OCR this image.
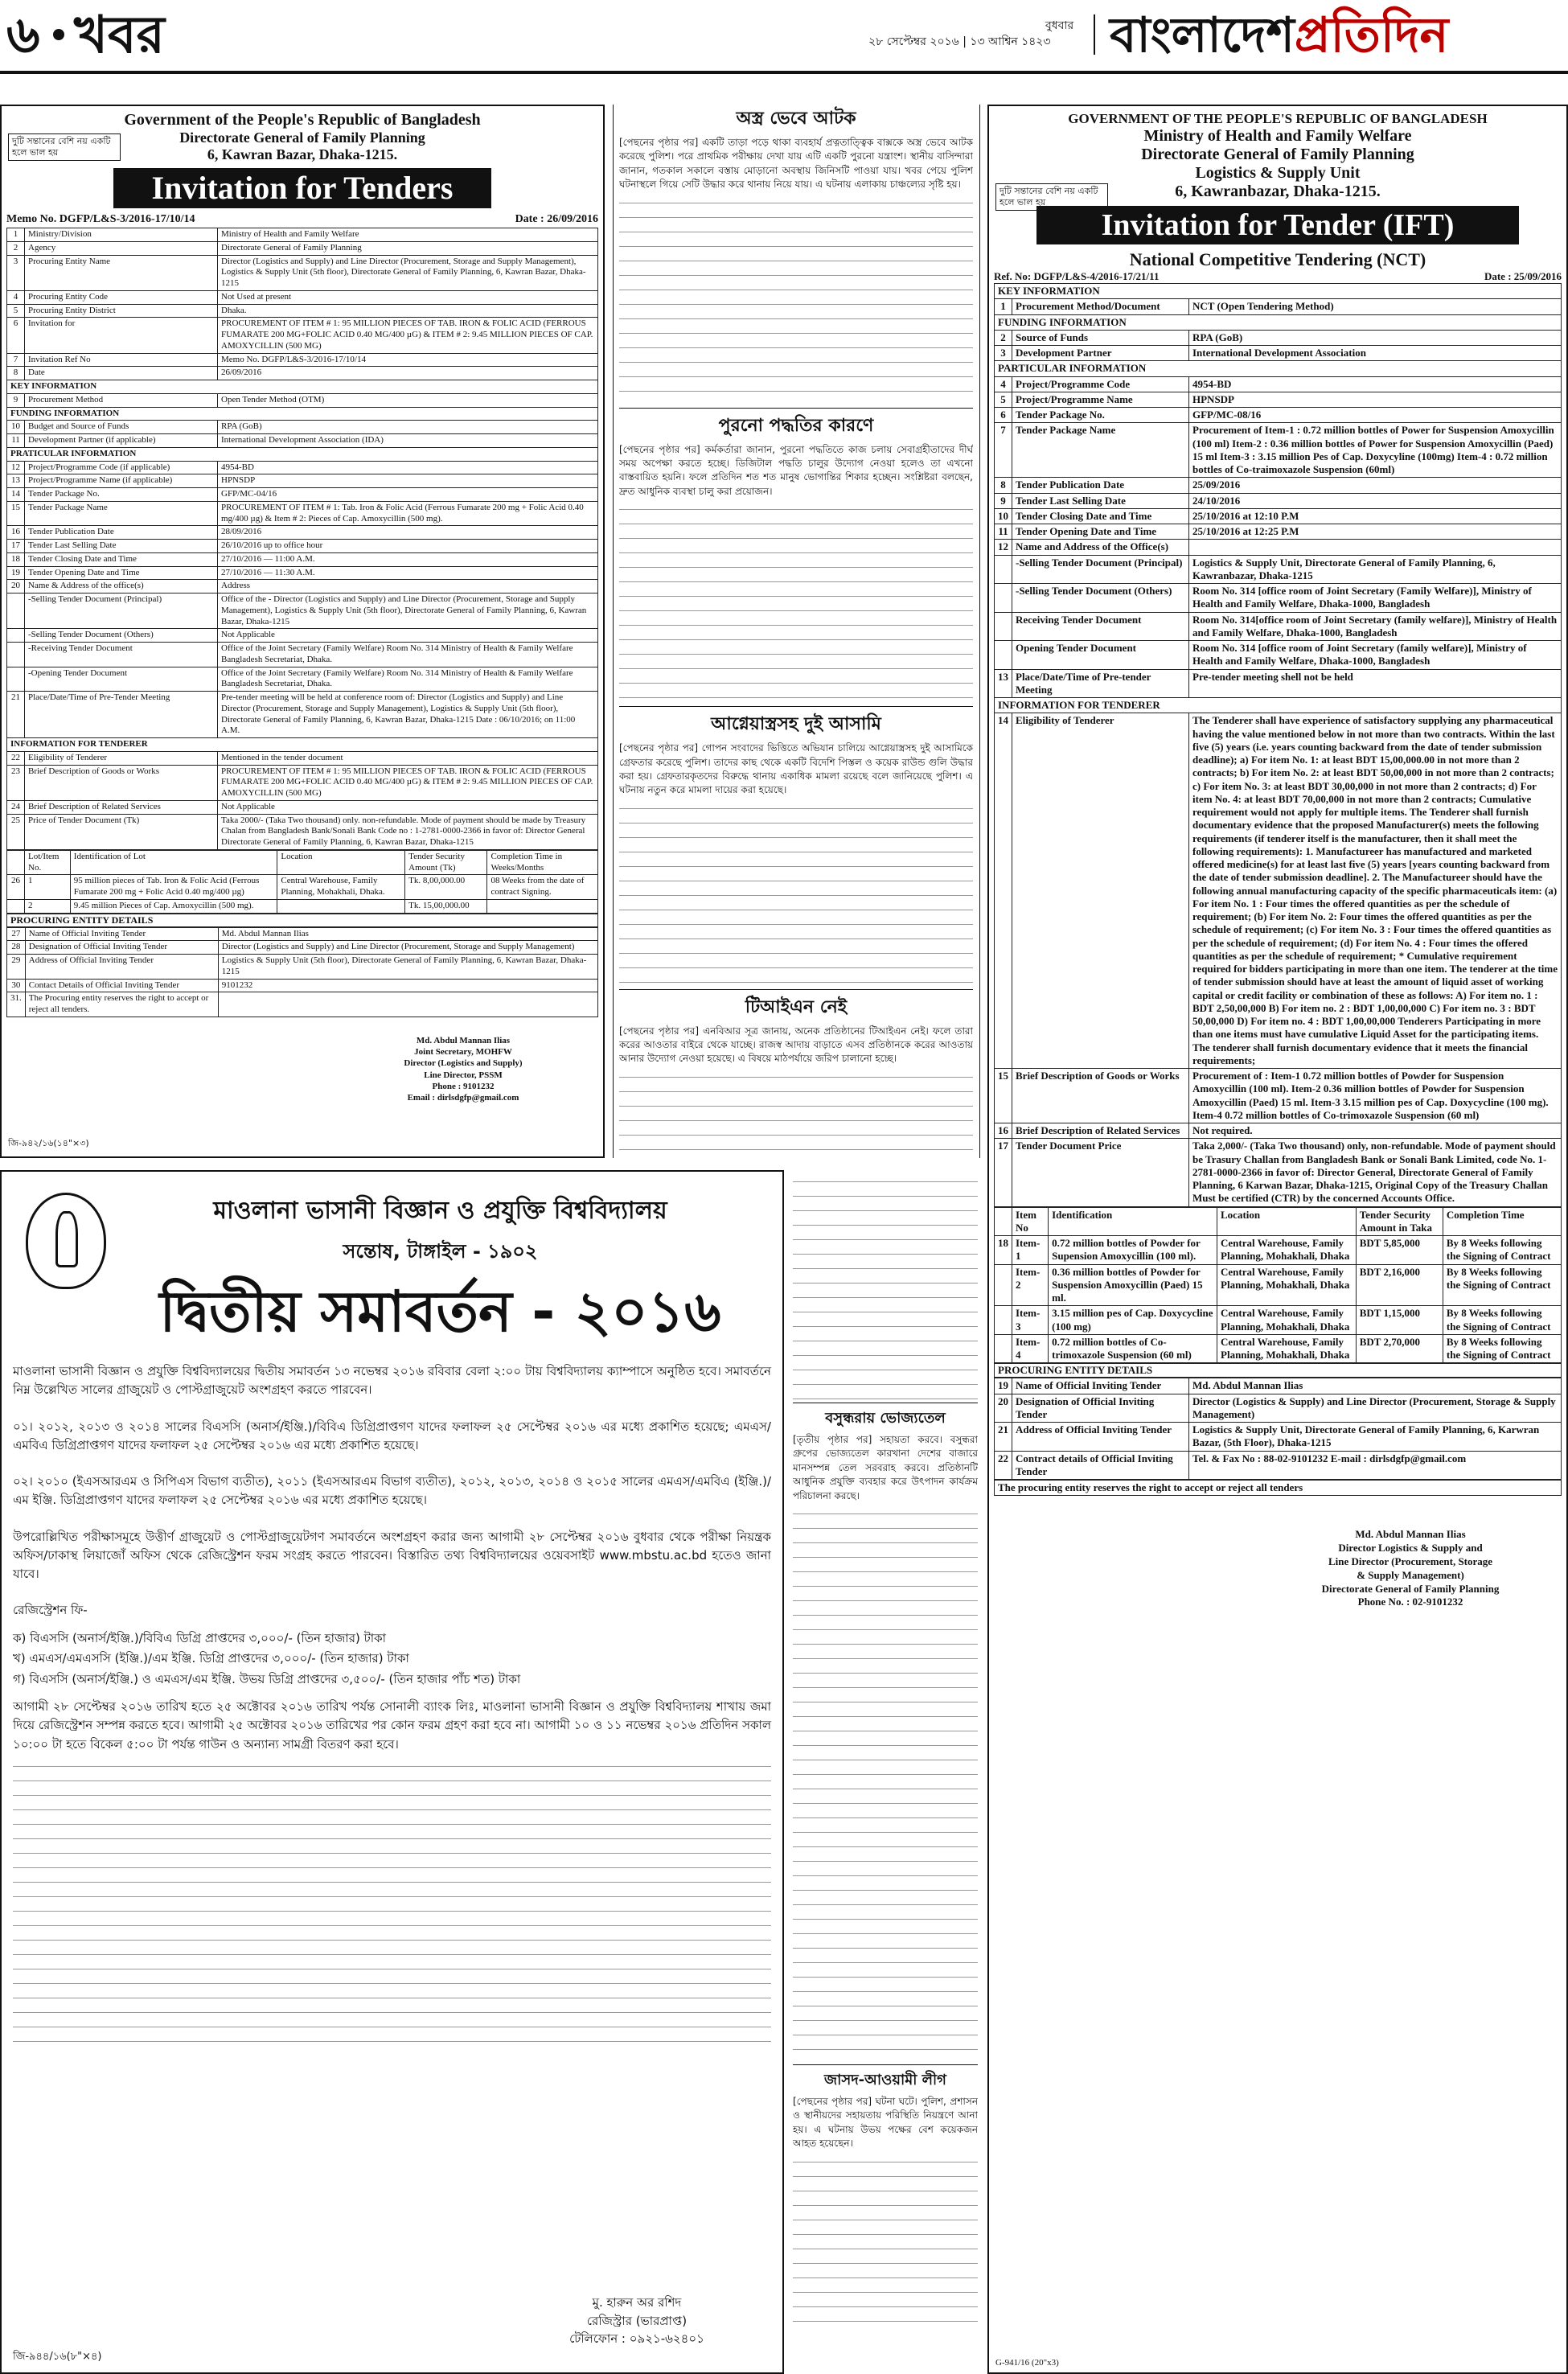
৬ খবর	বুধবার
২৮ সেপ্টেম্বর ২০১৬ | ১৩ আশ্বিন ১৪২৩ বাংলাদেশপ্রতিদিন
Government of the People's Republic of Bangladesh
দুটি সন্তানের বেশি নয় একটি হলে ভাল হয়
Directorate General of Family Planning
6, Kawran Bazar, Dhaka-1215.
Invitation for Tenders
Memo No. DGFP/L&S-3/2016-17/10/14	Date : 26/09/2016
1	Ministry/Division	Ministry of Health and Family Welfare
2	Agency	Directorate General of Family Planning
3	Procuring Entity Name	Director (Logistics and Supply) and Line Director (Procurement, Storage and Supply Management), Logistics & Supply Unit (5th floor), Directorate General of Family Planning, 6, Kawran Bazar, Dhaka-1215
4	Procuring Entity Code	Not Used at present
5	Procuring Entity District	Dhaka.
6	Invitation for	PROCUREMENT OF ITEM # 1: 95 MILLION PIECES OF TAB. IRON & FOLIC ACID (FERROUS FUMARATE 200 MG+FOLIC ACID 0.40 MG/400 µG) & ITEM # 2: 9.45 MILLION PIECES OF CAP. AMOXYCILLIN (500 MG)
7	Invitation Ref No	Memo No. DGFP/L&S-3/2016-17/10/14
8	Date	26/09/2016
KEY INFORMATION		
9	Procurement Method	Open Tender Method (OTM)
FUNDING INFORMATION		
10	Budget and Source of Funds	RPA (GoB)
11	Development Partner (if applicable)	International Development Association (IDA)
PRATICULAR INFORMATION		
12	Project/Programme Code (if applicable)	4954-BD
13	Project/Programme Name (if applicable)	HPNSDP
14	Tender Package No.	GFP/MC-04/16
15	Tender Package Name	PROCUREMENT OF ITEM # 1: Tab. Iron & Folic Acid (Ferrous Fumarate 200 mg + Folic Acid 0.40 mg/400 µg) & Item # 2: Pieces of Cap. Amoxycillin (500 mg).
16	Tender Publication Date	28/09/2016
17	Tender Last Selling Date	26/10/2016 up to office hour
18	Tender Closing Date and Time	27/10/2016 — 11:00 A.M.
19	Tender Opening Date and Time	27/10/2016 — 11:30 A.M.
20	Name & Address of the office(s)	Address
	-Selling Tender Document (Principal)	Office of the - Director (Logistics and Supply) and Line Director (Procurement, Storage and Supply Management), Logistics & Supply Unit (5th floor), Directorate General of Family Planning, 6, Kawran Bazar, Dhaka-1215
	-Selling Tender Document (Others)	Not Applicable
	-Receiving Tender Document	Office of the Joint Secretary (Family Welfare) Room No. 314 Ministry of Health & Family Welfare Bangladesh Secretariat, Dhaka.
	-Opening Tender Document	Office of the Joint Secretary (Family Welfare) Room No. 314 Ministry of Health & Family Welfare Bangladesh Secretariat, Dhaka.
21	Place/Date/Time of Pre-Tender Meeting	Pre-tender meeting will be held at conference room of: Director (Logistics and Supply) and Line Director (Procurement, Storage and Supply Management), Logistics & Supply Unit (5th floor), Directorate General of Family Planning, 6, Kawran Bazar, Dhaka-1215 Date : 06/10/2016; on 11:00 A.M.
INFORMATION FOR TENDERER		
22	Eligibility of Tenderer	Mentioned in the tender document
23	Brief Description of Goods or Works	PROCUREMENT OF ITEM # 1: 95 MILLION PIECES OF TAB. IRON & FOLIC ACID (FERROUS FUMARATE 200 MG+FOLIC ACID 0.40 MG/400 µG) & ITEM # 2: 9.45 MILLION PIECES OF CAP. AMOXYCILLIN (500 MG)
24	Brief Description of Related Services	Not Applicable
25	Price of Tender Document (Tk)	Taka 2000/- (Taka Two thousand) only. non-refundable. Mode of payment should be made by Treasury Chalan from Bangladesh Bank/Sonali Bank Code no : 1-2781-0000-2366 in favor of: Director General Directorate General of Family Planning, 6, Kawran Bazar, Dhaka-1215
	Lot/Item No.	Identification of Lot	Location	Tender Security Amount (Tk)	Completion Time in Weeks/Months
26	1	95 million pieces of Tab. Iron & Folic Acid (Ferrous Fumarate 200 mg + Folic Acid 0.40 mg/400 µg)	Central Warehouse, Family Planning, Mohakhali, Dhaka.	Tk. 8,00,000.00	08 Weeks from the date of contract Signing.
	2	9.45 million Pieces of Cap. Amoxycillin (500 mg).		Tk. 15,00,000.00	
PROCURING ENTITY DETAILS
27	Name of Official Inviting Tender	Md. Abdul Mannan Ilias
28	Designation of Official Inviting Tender	Director (Logistics and Supply) and Line Director (Procurement, Storage and Supply Management)
29	Address of Official Inviting Tender	Logistics & Supply Unit (5th floor), Directorate General of Family Planning, 6, Kawran Bazar, Dhaka-1215
30	Contact Details of Official Inviting Tender	9101232
31.	The Procuring entity reserves the right to accept or reject all tenders.	
Md. Abdul Mannan Ilias
Joint Secretary, MOHFW
Director (Logistics and Supply)
Line Director, PSSM
Phone : 9101232
Email : dirlsdgfp@gmail.com
জি-৯৪২/১৬(১৪"×৩)
অস্ত্র ভেবে আটক

[পেছনের পৃষ্ঠার পর] একটি তাড়া পড়ে থাকা ব্যবহার্য প্রত্নতাত্ত্বিক বাক্সকে অস্ত্র ভেবে আটক করেছে পুলিশ। পরে প্রাথমিক পরীক্ষায় দেখা যায় এটি একটি পুরনো যন্ত্রাংশ। স্থানীয় বাসিন্দারা জানান, গতকাল সকালে বস্তায় মোড়ানো অবস্থায় জিনিসটি পাওয়া যায়। খবর পেয়ে পুলিশ ঘটনাস্থলে গিয়ে সেটি উদ্ধার করে থানায় নিয়ে যায়। এ ঘটনায় এলাকায় চাঞ্চল্যের সৃষ্টি হয়।

পুরনো পদ্ধতির কারণে

[পেছনের পৃষ্ঠার পর] কর্মকর্তারা জানান, পুরনো পদ্ধতিতে কাজ চলায় সেবাগ্রহীতাদের দীর্ঘ সময় অপেক্ষা করতে হচ্ছে। ডিজিটাল পদ্ধতি চালুর উদ্যোগ নেওয়া হলেও তা এখনো বাস্তবায়িত হয়নি। ফলে প্রতিদিন শত শত মানুষ ভোগান্তির শিকার হচ্ছেন। সংশ্লিষ্টরা বলছেন, দ্রুত আধুনিক ব্যবস্থা চালু করা প্রয়োজন।

আগ্নেয়াস্ত্রসহ দুই আসামি

[পেছনের পৃষ্ঠার পর] গোপন সংবাদের ভিত্তিতে অভিযান চালিয়ে আগ্নেয়াস্ত্রসহ দুই আসামিকে গ্রেফতার করেছে পুলিশ। তাদের কাছ থেকে একটি বিদেশি পিস্তল ও কয়েক রাউন্ড গুলি উদ্ধার করা হয়। গ্রেফতারকৃতদের বিরুদ্ধে থানায় একাধিক মামলা রয়েছে বলে জানিয়েছে পুলিশ। এ ঘটনায় নতুন করে মামলা দায়ের করা হয়েছে।

টিআইএন নেই

[পেছনের পৃষ্ঠার পর] এনবিআর সূত্র জানায়, অনেক প্রতিষ্ঠানের টিআইএন নেই। ফলে তারা করের আওতার বাইরে থেকে যাচ্ছে। রাজস্ব আদায় বাড়াতে এসব প্রতিষ্ঠানকে করের আওতায় আনার উদ্যোগ নেওয়া হয়েছে। এ বিষয়ে মাঠপর্যায়ে জরিপ চালানো হচ্ছে।

GOVERNMENT OF THE PEOPLE'S REPUBLIC OF BANGLADESH
Ministry of Health and Family Welfare
Directorate General of Family Planning
Logistics & Supply Unit
দুটি সন্তানের বেশি নয় একটি হলে ভাল হয়
6, Kawranbazar, Dhaka-1215.
Invitation for Tender (IFT)
National Competitive Tendering (NCT)
Ref. No: DGFP/L&S-4/2016-17/21/11	Date : 25/09/2016
KEY INFORMATION		
1	Procurement Method/Document	NCT (Open Tendering Method)
FUNDING INFORMATION		
2	Source of Funds	RPA (GoB)
3	Development Partner	International Development Association
PARTICULAR INFORMATION		
4	Project/Programme Code	4954-BD
5	Project/Programme Name	HPNSDP
6	Tender Package No.	GFP/MC-08/16
7	Tender Package Name	Procurement of Item-1 : 0.72 million bottles of Power for Suspension Amoxycillin (100 ml) Item-2 : 0.36 million bottles of Power for Suspension Amoxycillin (Paed) 15 ml Item-3 : 3.15 million Pes of Cap. Doxycyline (100mg) Item-4 : 0.72 million bottles of Co-traimoxazole Suspension (60ml)
8	Tender Publication Date	25/09/2016
9	Tender Last Selling Date	24/10/2016
10	Tender Closing Date and Time	25/10/2016 at 12:10 P.M
11	Tender Opening Date and Time	25/10/2016 at 12:25 P.M
12	Name and Address of the Office(s)	
	-Selling Tender Document (Principal)	Logistics & Supply Unit, Directorate General of Family Planning, 6, Kawranbazar, Dhaka-1215
	-Selling Tender Document (Others)	Room No. 314 [office room of Joint Secretary (Family Welfare)], Ministry of Health and Family Welfare, Dhaka-1000, Bangladesh
	Receiving Tender Document	Room No. 314[office room of Joint Secretary (family welfare)], Ministry of Health and Family Welfare, Dhaka-1000, Bangladesh
	Opening Tender Document	Room No. 314 [office room of Joint Secretary (family welfare)], Ministry of Health and Family Welfare, Dhaka-1000, Bangladesh
13	Place/Date/Time of Pre-tender Meeting	Pre-tender meeting shell not be held
INFORMATION FOR TENDERER		
14	Eligibility of Tenderer	The Tenderer shall have experience of satisfactory supplying any pharmaceutical having the value mentioned below in not more than two contracts. Within the last five (5) years (i.e. years counting backward from the date of tender submission deadline); a) For item No. 1: at least BDT 15,00,000.00 in not more than 2 contracts; b) For item No. 2: at least BDT 50,00,000 in not more than 2 contracts; c) For item No. 3: at least BDT 30,00,000 in not more than 2 contracts; d) For item No. 4: at least BDT 70,00,000 in not more than 2 contracts; Cumulative requirement would not apply for multiple items. The Tenderer shall furnish documentary evidence that the proposed Manufacturer(s) meets the following requirements (if tenderer itself is the manufacturer, then it shall meet the following requirements): 1. Manufactureer has manufactured and marketed offered medicine(s) for at least last five (5) years [years counting backward from the date of tender submission deadline]. 2. The Manufactureer should have the following annual manufacturing capacity of the specific pharmaceuticals item: (a) For item No. 1 : Four times the offered quantities as per the schedule of requirement; (b) For item No. 2: Four times the offered quantities as per the schedule of requirement; (c) For item No. 3 : Four times the offered quantities as per the schedule of requirement; (d) For item No. 4 : Four times the offered quantities as per the schedule of requirement; * Cumulative requirement required for bidders participating in more than one item. The tenderer at the time of tender submission should have at least the amount of liquid asset of working capital or credit facility or combination of these as follows: A) For item no. 1 : BDT 2,50,00,000 B) For item no. 2 : BDT 1,00,00,000 C) For item no. 3 : BDT 50,00,000 D) For item no. 4 : BDT 1,00,00,000 Tenderers Participating in more than one items must have cumulative Liquid Asset for the participating items. The tenderer shall furnish documentary evidence that it meets the financial requirements;
15	Brief Description of Goods or Works	Procurement of : Item-1 0.72 million bottles of Powder for Suspension Amoxycillin (100 ml). Item-2 0.36 million bottles of Powder for Suspension Amoxycillin (Paed) 15 ml. Item-3 3.15 million pes of Cap. Doxycycline (100 mg). Item-4 0.72 million bottles of Co-trimoxazole Suspension (60 ml)
16	Brief Description of Related Services	Not required.
17	Tender Document Price	Taka 2,000/- (Taka Two thousand) only, non-refundable. Mode of payment should be Trasury Challan from Bangladesh Bank or Sonali Bank Limited, code No. 1-2781-0000-2366 in favor of: Director General, Directorate General of Family Planning, 6 Karwan Bazar, Dhaka-1215, Original Copy of the Treasury Challan Must be certified (CTR) by the concerned Accounts Office.
	Item No	Identification	Location	Tender Security Amount in Taka	Completion Time
18	Item-1	0.72 million bottles of Powder for Supension Amoxycillin (100 ml).	Central Warehouse, Family Planning, Mohakhali, Dhaka	BDT 5,85,000	By 8 Weeks following the Signing of Contract
	Item-2	0.36 million bottles of Powder for Suspension Amoxycillin (Paed) 15 ml.	Central Warehouse, Family Planning, Mohakhali, Dhaka	BDT 2,16,000	By 8 Weeks following the Signing of Contract
	Item-3	3.15 million pes of Cap. Doxycycline (100 mg)	Central Warehouse, Family Planning, Mohakhali, Dhaka	BDT 1,15,000	By 8 Weeks following the Signing of Contract
	Item-4	0.72 million bottles of Co-trimoxazole Suspension (60 ml)	Central Warehouse, Family Planning, Mohakhali, Dhaka	BDT 2,70,000	By 8 Weeks following the Signing of Contract
PROCURING ENTITY DETAILS
19	Name of Official Inviting Tender	Md. Abdul Mannan Ilias
20	Designation of Official Inviting Tender	Director (Logistics & Supply) and Line Director (Procurement, Storage & Supply Management)
21	Address of Official Inviting Tender	Logistics & Supply Unit, Directorate General of Family Planning, 6, Karwran Bazar, (5th Floor), Dhaka-1215
22	Contract details of Official Inviting Tender	Tel. & Fax No : 88-02-9101232 E-mail : dirlsdgfp@gmail.com
The procuring entity reserves the right to accept or reject all tenders
Md. Abdul Mannan Ilias
Director Logistics & Supply and
Line Director (Procurement, Storage
& Supply Management)
Directorate General of Family Planning
Phone No. : 02-9101232
G-941/16 (20"x3)
মাওলানা ভাসানী বিজ্ঞান ও প্রযুক্তি বিশ্ববিদ্যালয়
সন্তোষ, টাঙ্গাইল - ১৯০২
দ্বিতীয় সমাবর্তন - ২০১৬

মাওলানা ভাসানী বিজ্ঞান ও প্রযুক্তি বিশ্ববিদ্যালয়ের দ্বিতীয় সমাবর্তন ১৩ নভেম্বর ২০১৬ রবিবার বেলা ২:০০ টায় বিশ্ববিদ্যালয় ক্যাম্পাসে অনুষ্ঠিত হবে। সমাবর্তনে নিম্ন উল্লেখিত সালের গ্রাজুয়েট ও পোস্টগ্রাজুয়েট অংশগ্রহণ করতে পারবেন।

০১। ২০১২, ২০১৩ ও ২০১৪ সালের বিএসসি (অনার্স/ইঞ্জি.)/বিবিএ ডিগ্রিপ্রাপ্তগণ যাদের ফলাফল ২৫ সেপ্টেম্বর ২০১৬ এর মধ্যে প্রকাশিত হয়েছে; এমএস/এমবিএ ডিগ্রিপ্রাপ্তগণ যাদের ফলাফল ২৫ সেপ্টেম্বর ২০১৬ এর মধ্যে প্রকাশিত হয়েছে।

০২। ২০১০ (ইএসআরএম ও সিপিএস বিভাগ ব্যতীত), ২০১১ (ইএসআরএম বিভাগ ব্যতীত), ২০১২, ২০১৩, ২০১৪ ও ২০১৫ সালের এমএস/এমবিএ (ইঞ্জি.)/এম ইঞ্জি. ডিগ্রিপ্রাপ্তগণ যাদের ফলাফল ২৫ সেপ্টেম্বর ২০১৬ এর মধ্যে প্রকাশিত হয়েছে।

উপরোল্লিখিত পরীক্ষাসমূহে উত্তীর্ণ গ্রাজুয়েট ও পোস্টগ্রাজুয়েটগণ সমাবর্তনে অংশগ্রহণ করার জন্য আগামী ২৮ সেপ্টেম্বর ২০১৬ বুধবার থেকে পরীক্ষা নিয়ন্ত্রক অফিস/ঢাকাস্থ লিয়াজোঁ অফিস থেকে রেজিস্ট্রেশন ফরম সংগ্রহ করতে পারবেন। বিস্তারিত তথ্য বিশ্ববিদ্যালয়ের ওয়েবসাইট www.mbstu.ac.bd হতেও জানা যাবে।

রেজিস্ট্রেশন ফি-

ক) বিএসসি (অনার্স/ইঞ্জি.)/বিবিএ ডিগ্রি প্রাপ্তদের ৩,০০০/- (তিন হাজার) টাকা
খ) এমএস/এমএসসি (ইঞ্জি.)/এম ইঞ্জি. ডিগ্রি প্রাপ্তদের ৩,০০০/- (তিন হাজার) টাকা
গ) বিএসসি (অনার্স/ইঞ্জি.) ও এমএস/এম ইঞ্জি. উভয় ডিগ্রি প্রাপ্তদের ৩,৫০০/- (তিন হাজার পাঁচ শত) টাকা

আগামী ২৮ সেপ্টেম্বর ২০১৬ তারিখ হতে ২৫ অক্টোবর ২০১৬ তারিখ পর্যন্ত সোনালী ব্যাংক লিঃ, মাওলানা ভাসানী বিজ্ঞান ও প্রযুক্তি বিশ্ববিদ্যালয় শাখায় জমা দিয়ে রেজিস্ট্রেশন সম্পন্ন করতে হবে। আগামী ২৫ অক্টোবর ২০১৬ তারিখের পর কোন ফরম গ্রহণ করা হবে না। আগামী ১০ ও ১১ নভেম্বর ২০১৬ প্রতিদিন সকাল ১০:০০ টা হতে বিকেল ৫:০০ টা পর্যন্ত গাউন ও অন্যান্য সামগ্রী বিতরণ করা হবে।

মু. হারুন অর রশিদ
রেজিস্ট্রার (ভারপ্রাপ্ত)
টেলিফোন : ০৯২১-৬২৪০১
জি-৯৪৪/১৬(৮"×৪)
বসুন্ধরায় ভোজ্যতেল

[তৃতীয় পৃষ্ঠার পর] সহায়তা করবে। বসুন্ধরা গ্রুপের ভোজ্যতেল কারখানা দেশের বাজারে মানসম্পন্ন তেল সরবরাহ করবে। প্রতিষ্ঠানটি আধুনিক প্রযুক্তি ব্যবহার করে উৎপাদন কার্যক্রম পরিচালনা করছে।

জাসদ-আওয়ামী লীগ

[পেছনের পৃষ্ঠার পর] ঘটনা ঘটে। পুলিশ, প্রশাসন ও স্থানীয়দের সহায়তায় পরিস্থিতি নিয়ন্ত্রণে আনা হয়। এ ঘটনায় উভয় পক্ষের বেশ কয়েকজন আহত হয়েছেন।
